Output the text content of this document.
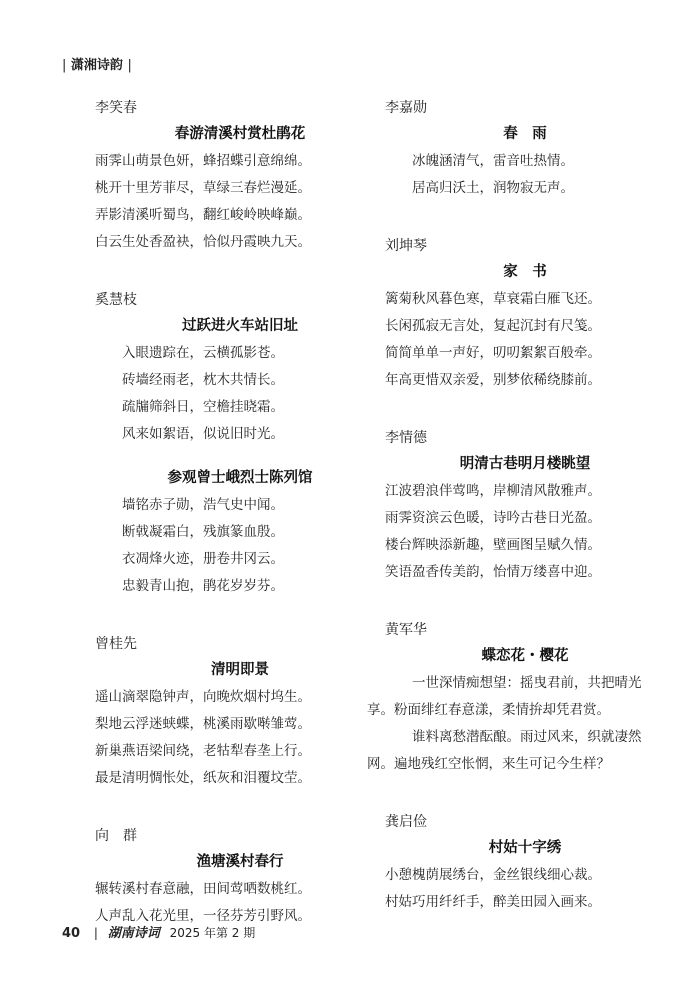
| 潇湘诗韵 |

李笑春

春游清溪村赏杜鹃花

雨霁山萌景色妍，蜂招蝶引意绵绵。

桃开十里芳菲尽，草绿三春烂漫延。

弄影清溪听蜀鸟，翻红峻岭映峰巅。

白云生处香盈袂，恰似丹霞映九天。

奚慧枝

过跃进火车站旧址

入眼遗踪在，云横孤影苍。

砖墙经雨老，枕木共情长。

疏牖筛斜日，空檐挂晓霜。

风来如絮语，似说旧时光。

参观曾士峨烈士陈列馆

墙铭赤子勋，浩气史中闻。

断戟凝霜白，残旗篆血殷。

衣凋烽火迹，册卷井冈云。

忠毅青山抱，鹃花岁岁芬。

曾桂先

清明即景

遥山滴翠隐钟声，向晚炊烟村坞生。

梨地云浮迷蛱蝶，桃溪雨歇啭雏莺。

新巢燕语梁间绕，老牯犁春垄上行。

最是清明惆怅处，纸灰和泪覆坟茔。

向　群

渔塘溪村春行

辗转溪村春意融，田间莺哂数桃红。

人声乱入花光里，一径芬芳引野风。

李嘉勋

春　雨

冰魄涵清气，雷音吐热情。

居高归沃土，润物寂无声。

刘坤琴

家　书

篱菊秋风暮色寒，草衰霜白雁飞还。

长闲孤寂无言处，复起沉封有尺笺。

简简单单一声好，叨叨絮絮百般牵。

年高更惜双亲爱，别梦依稀绕膝前。

李情德

明清古巷明月楼眺望

江波碧浪伴莺鸣，岸柳清风散雅声。

雨霁资滨云色暖，诗吟古巷日光盈。

楼台辉映添新趣，壁画图呈赋久情。

笑语盈香传美韵，怡情万缕喜中迎。

黄军华

蝶恋花・樱花

一世深情痴想望：摇曳君前，共把晴光

享。粉面绯红春意漾，柔情拚却凭君赏。

谁料离愁潜酝酿。雨过风来，织就凄然

网。遍地残红空怅惘，来生可记今生样？

龚启俭

村姑十字绣

小憩槐荫展绣台，金丝银线细心裁。

村姑巧用纤纤手，醉美田园入画来。

40 | 湖南诗词 2025 年第 2 期
